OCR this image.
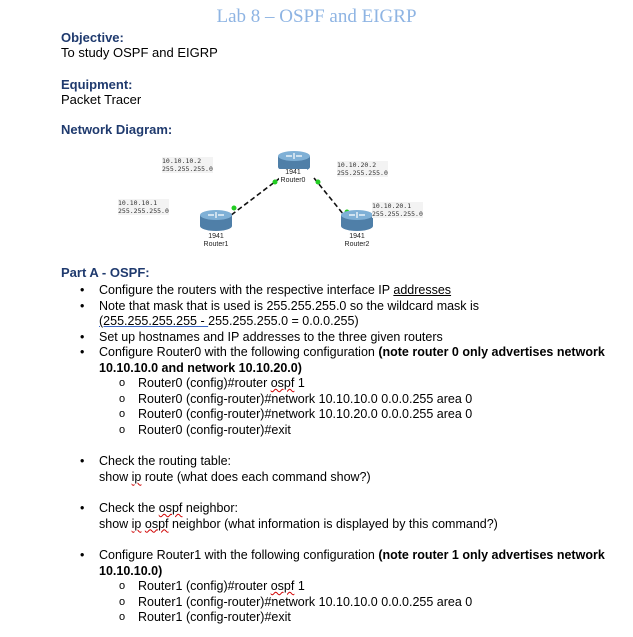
Lab 8 – OSPF and EIGRP
Objective:
To study OSPF and EIGRP
Equipment:
Packet Tracer
Network Diagram:
10.10.10.2
255.255.255.0
10.10.10.1
255.255.255.0
10.10.20.2
255.255.255.0
10.10.20.1
255.255.255.0
1941
Router0
1941
Router1
1941
Router2
Part A - OSPF:
• Configure the routers with the respective interface IP addresses
• Note that mask that is used is 255.255.255.0 so the wildcard mask is
(255.255.255.255 - 255.255.255.0 = 0.0.0.255)
• Set up hostnames and IP addresses to the three given routers
• Configure Router0 with the following configuration (note router 0 only advertises network 10.10.10.0 and network 10.10.20.0)
o Router0 (config)#router ospf 1
o Router0 (config-router)#network 10.10.10.0 0.0.0.255 area 0
o Router0 (config-router)#network 10.10.20.0 0.0.0.255 area 0
o Router0 (config-router)#exit
• Check the routing table:
show ip route (what does each command show?)
• Check the ospf neighbor:
show ip ospf neighbor (what information is displayed by this command?)
• Configure Router1 with the following configuration (note router 1 only advertises network 10.10.10.0)
o Router1 (config)#router ospf 1
o Router1 (config-router)#network 10.10.10.0 0.0.0.255 area 0
o Router1 (config-router)#exit
